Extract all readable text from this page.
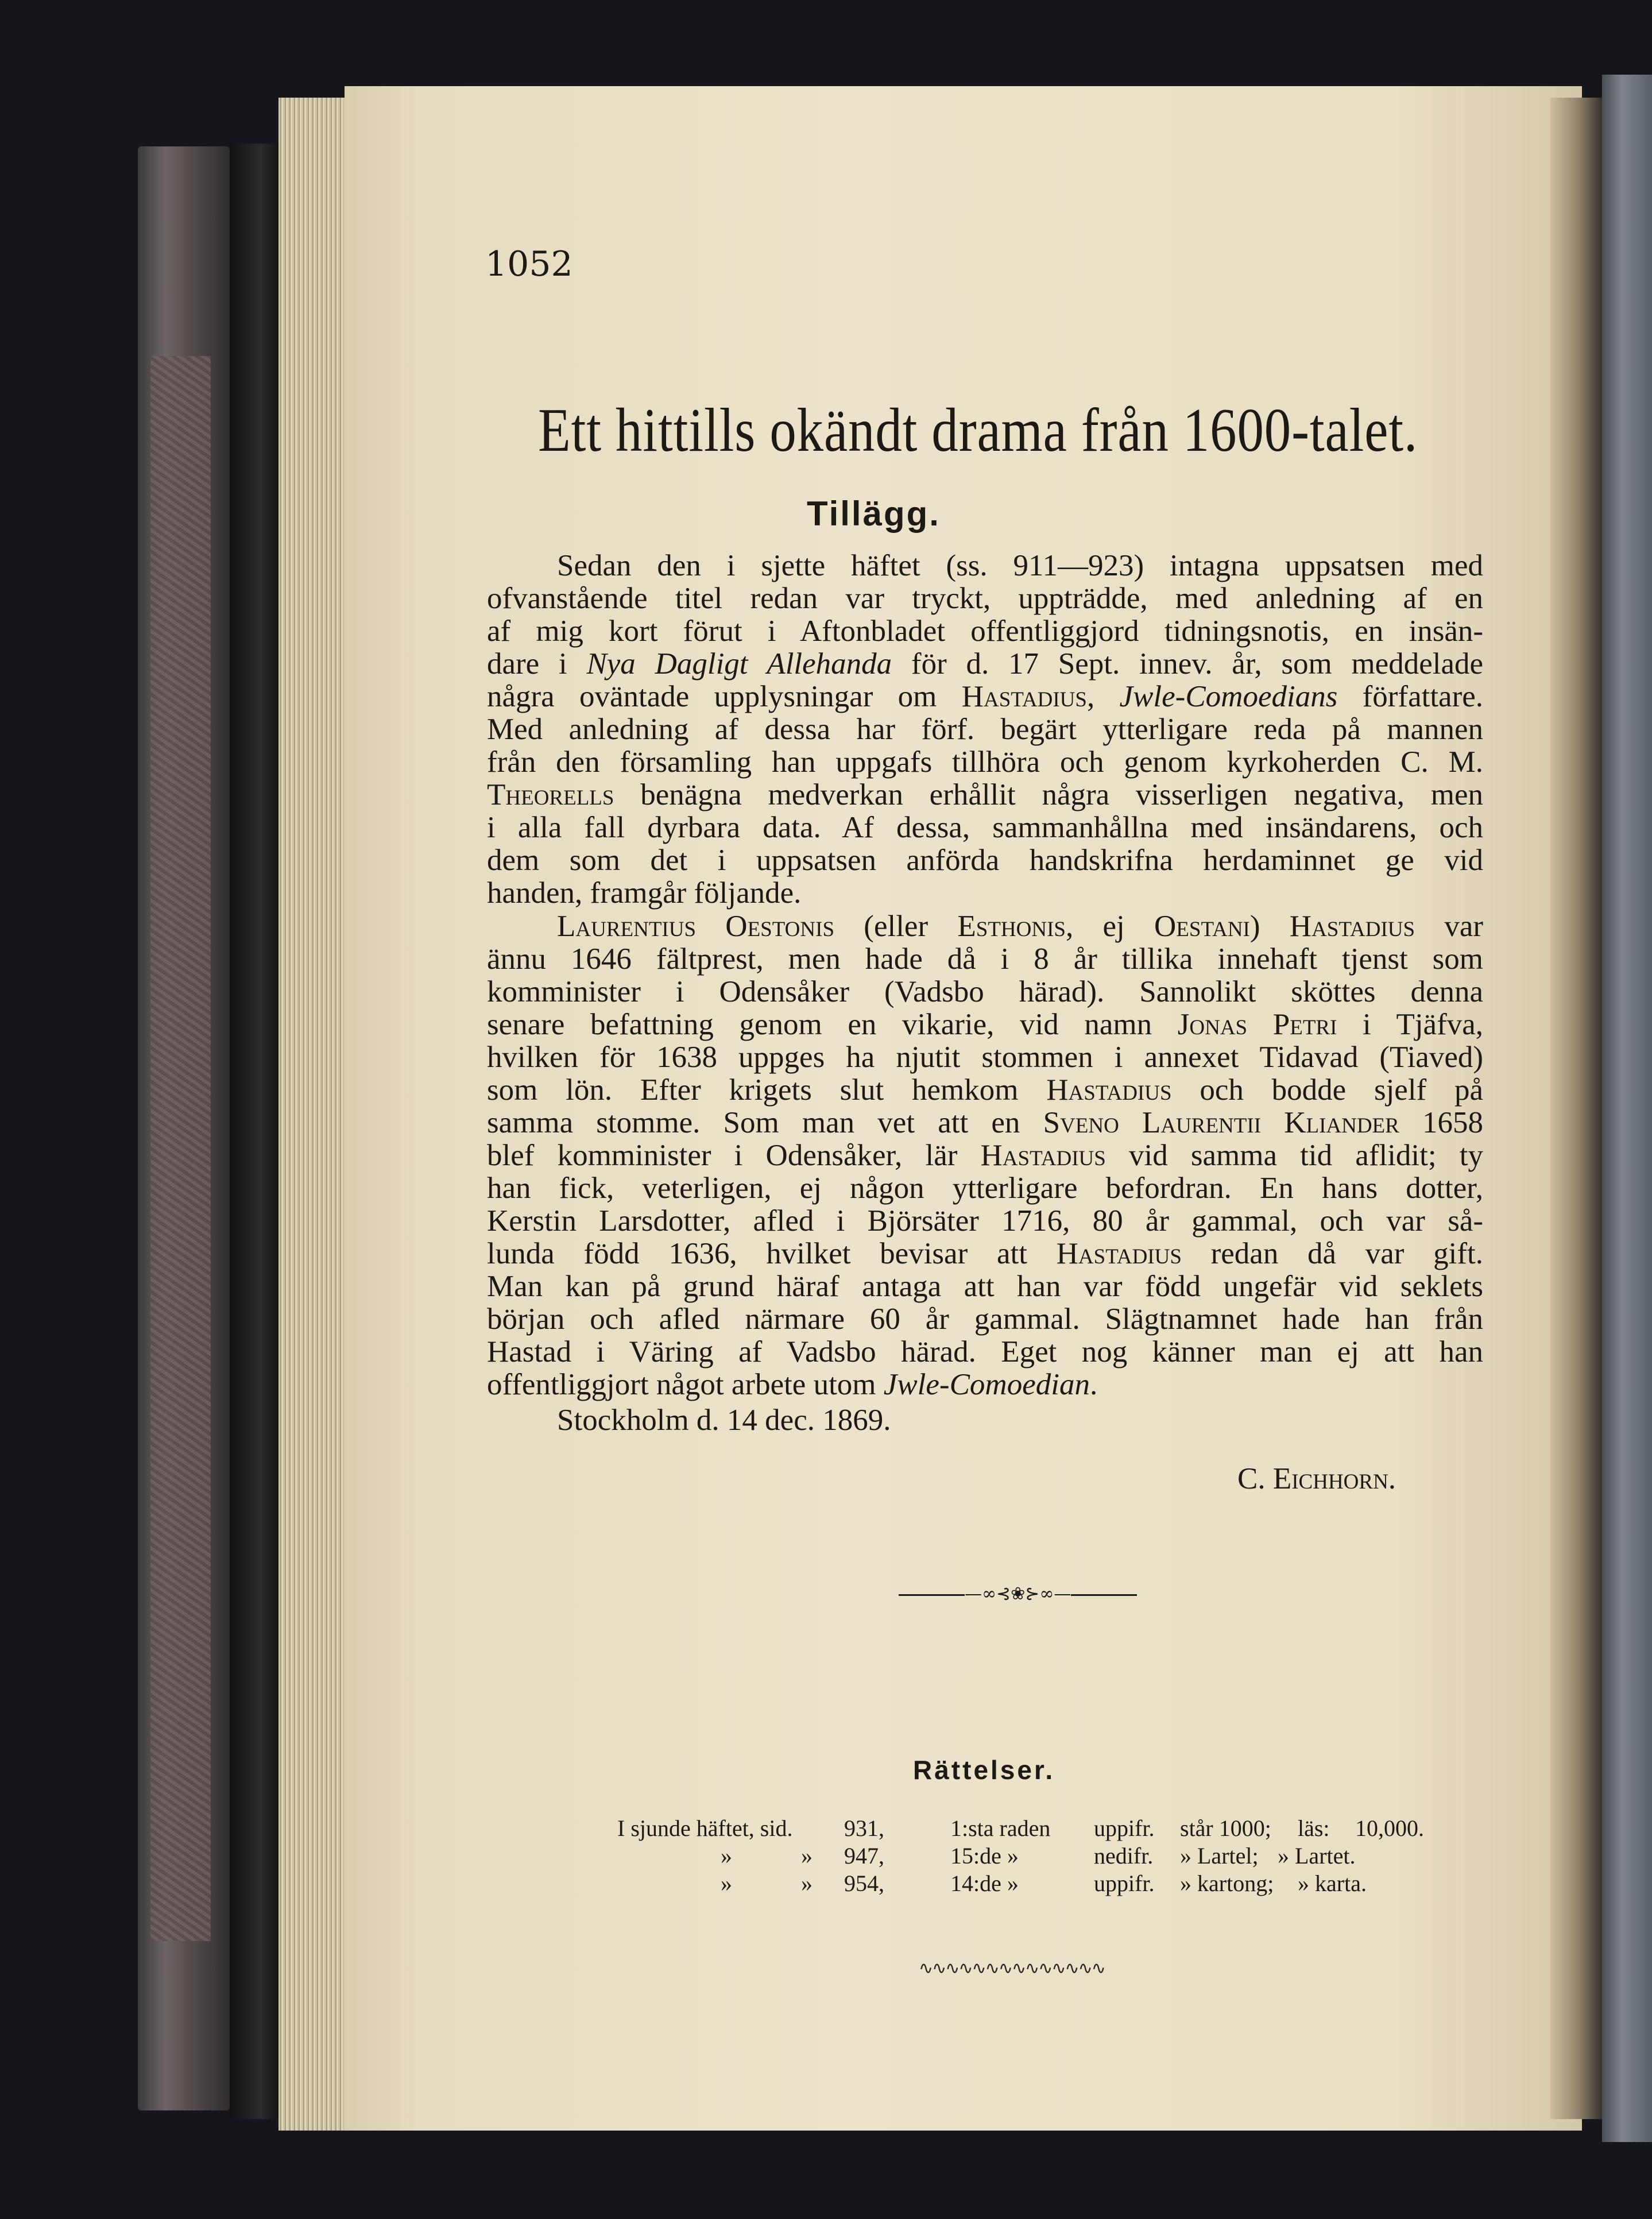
1052
Ett hittills okändt drama från 1600-talet.
Tillägg.
Sedan den i sjette häftet (ss. 911—923) intagna uppsatsen med
ofvanstående titel redan var tryckt, uppträdde, med anledning af en
af mig kort förut i Aftonbladet offentliggjord tidningsnotis, en insän-
dare i Nya Dagligt Allehanda för d. 17 Sept. innev. år, som meddelade
några oväntade upplysningar om Hastadius, Jwle-Comoedians författare.
Med anledning af dessa har förf. begärt ytterligare reda på mannen
från den församling han uppgafs tillhöra och genom kyrkoherden C. M.
Theorells benägna medverkan erhållit några visserligen negativa, men
i alla fall dyrbara data. Af dessa, sammanhållna med insändarens, och
dem som det i uppsatsen anförda handskrifna herdaminnet ge vid
handen, framgår följande.
Laurentius Oestonis (eller Esthonis, ej Oestani) Hastadius var
ännu 1646 fältprest, men hade då i 8 år tillika innehaft tjenst som
komminister i Odensåker (Vadsbo härad). Sannolikt sköttes denna
senare befattning genom en vikarie, vid namn Jonas Petri i Tjäfva,
hvilken för 1638 uppges ha njutit stommen i annexet Tidavad (Tiaved)
som lön. Efter krigets slut hemkom Hastadius och bodde sjelf på
samma stomme. Som man vet att en Sveno Laurentii Kliander 1658
blef komminister i Odensåker, lär Hastadius vid samma tid aflidit; ty
han fick, veterligen, ej någon ytterligare befordran. En hans dotter,
Kerstin Larsdotter, afled i Björsäter 1716, 80 år gammal, och var så-
lunda född 1636, hvilket bevisar att Hastadius redan då var gift.
Man kan på grund häraf antaga att han var född ungefär vid seklets
början och afled närmare 60 år gammal. Slägtnamnet hade han från
Hastad i Väring af Vadsbo härad. Eget nog känner man ej att han
offentliggjort något arbete utom Jwle-Comoedian.
Stockholm d. 14 dec. 1869.
C. Eichhorn.
—∞⊰❀⊱∞—
Rättelser.
I sjunde häftet, sid. 931,	1:sta raden uppifr. står 1000; läs: 10,000.
»	» 947,	15:de »	nedifr. » Lartel; » Lartet.
»	» 954,	14:de »	uppifr. » kartong; » karta.
∿∿∿∿∿∿∿∿∿∿∿∿∿∿
